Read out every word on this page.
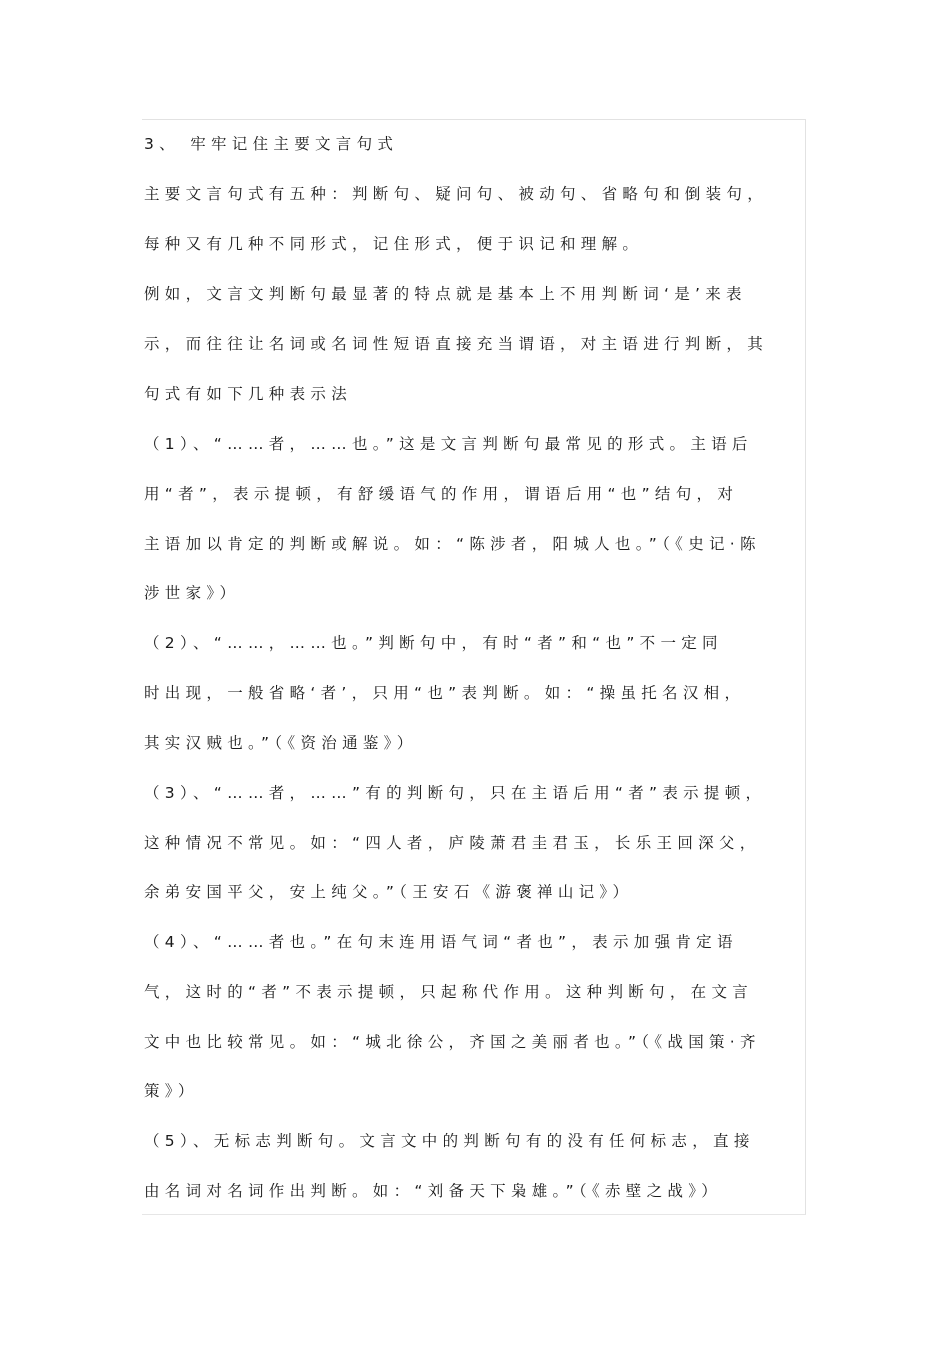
3、 牢牢记住主要文言句式
主要文言句式有五种：判断句、疑问句、被动句、省略句和倒装句，
每种又有几种不同形式，记住形式，便于识记和理解。
例如，文言文判断句最显著的特点就是基本上不用判断词‘是’来表
示，而往往让名词或名词性短语直接充当谓语，对主语进行判断，其
句式有如下几种表示法
（1）、“……者，……也。”这是文言判断句最常见的形式。主语后
用“者”，表示提顿，有舒缓语气的作用，谓语后用“也”结句，对
主语加以肯定的判断或解说。如：“陈涉者，阳城人也。”（《史记·陈
涉世家》）
（2）、“……，……也。”判断句中，有时“者”和“也”不一定同
时出现，一般省略‘者’，只用“也”表判断。如：“操虽托名汉相，
其实汉贼也。”（《资治通鉴》）
（3）、“……者，……”有的判断句，只在主语后用“者”表示提顿，
这种情况不常见。如：“四人者，庐陵萧君圭君玉，长乐王回深父，
余弟安国平父，安上纯父。”（王安石《游褒禅山记》）
（4）、“……者也。”在句末连用语气词“者也”，表示加强肯定语
气，这时的“者”不表示提顿，只起称代作用。这种判断句，在文言
文中也比较常见。如：“城北徐公，齐国之美丽者也。”（《战国策·齐
策》）
（5）、无标志判断句。文言文中的判断句有的没有任何标志，直接
由名词对名词作出判断。如：“刘备天下枭雄。”（《赤壁之战》）
